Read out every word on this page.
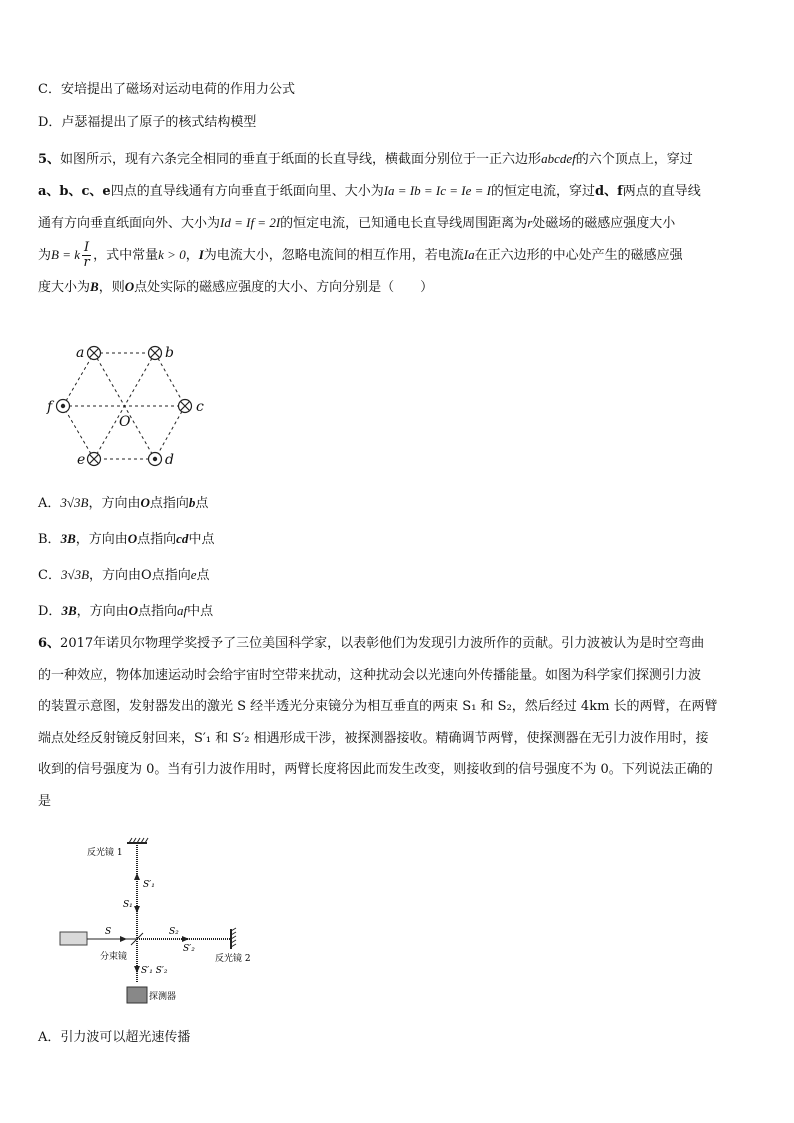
C．安培提出了磁场对运动电荷的作用力公式
D．卢瑟福提出了原子的核式结构模型
5、如图所示，现有六条完全相同的垂直于纸面的长直导线，横截面分别位于一正六边形abcdef的六个顶点上，穿过
a、b、c、e四点的直导线通有方向垂直于纸面向里、大小为Ia = Ib = Ic = Ie = I的恒定电流，穿过d、f两点的直导线
通有方向垂直纸面向外、大小为Id = If = 2I的恒定电流，已知通电长直导线周围距离为r处磁场的磁感应强度大小
为B = k $\frac{I}{r}$ ，式中常量k > 0，I为电流大小，忽略电流间的相互作用，若电流Ia在正六边形的中心处产生的磁感应强
度大小为B，则O点处实际的磁感应强度的大小、方向分别是（　　）
a	b
c
d
e
f
O
A．3√3B，方向由O点指向b点
B．3B，方向由O点指向cd中点
C．3√3B，方向由O点指向e点
D．3B，方向由O点指向af中点
6、2017年诺贝尔物理学奖授予了三位美国科学家，以表彰他们为发现引力波所作的贡献。引力波被认为是时空弯曲
的一种效应，物体加速运动时会给宇宙时空带来扰动，这种扰动会以光速向外传播能量。如图为科学家们探测引力波
的装置示意图，发射器发出的激光 S 经半透光分束镜分为相互垂直的两束 S₁ 和 S₂，然后经过 4km 长的两臂，在两臂
端点处经反射镜反射回来，S′₁ 和 S′₂ 相遇形成干涉，被探测器接收。精确调节两臂，使探测器在无引力波作用时，接
收到的信号强度为 0。当有引力波作用时，两臂长度将因此而发生改变，则接收到的信号强度不为 0。下列说法正确的
是
反光镜 1
S′₁
S₁
S
分束镜
S₂
S′₂
反光镜 2
S′₁ S′₂
探测器
A．引力波可以超光速传播
